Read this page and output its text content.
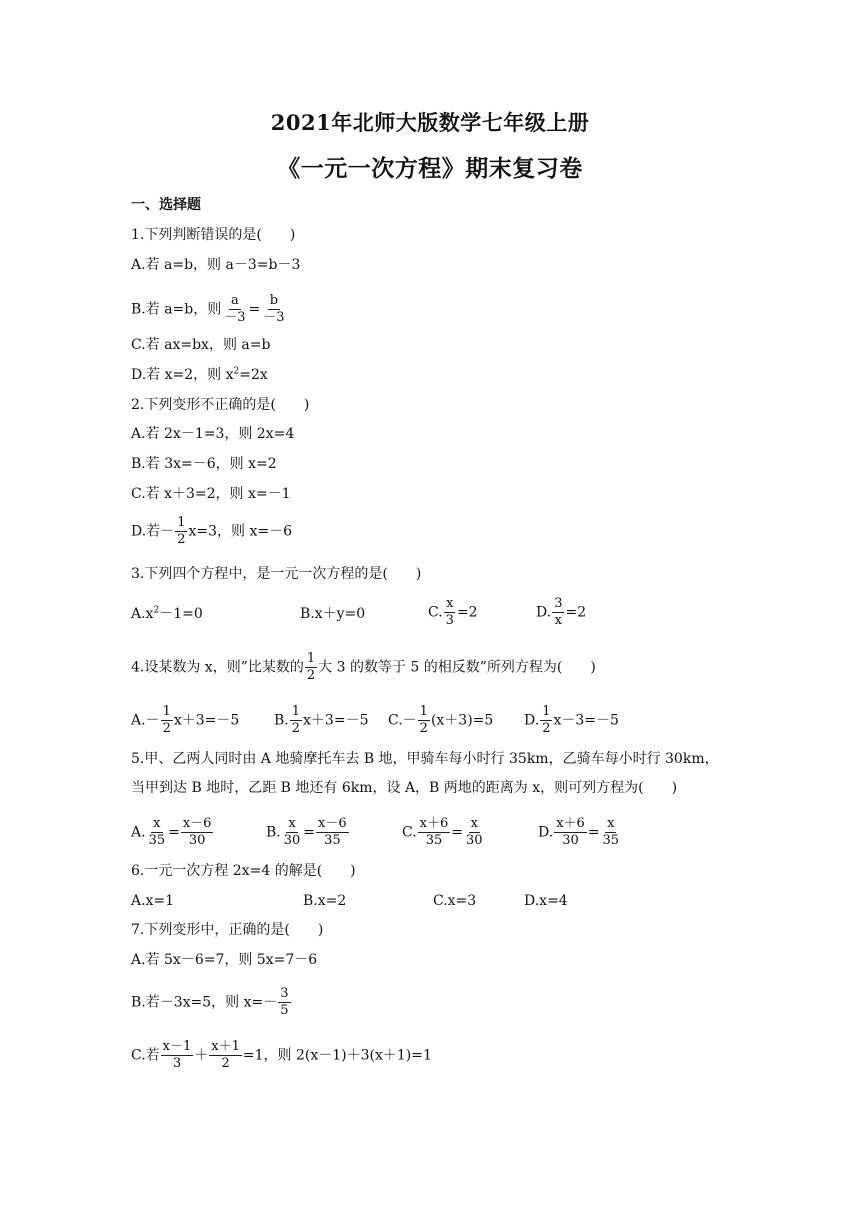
2021年北师大版数学七年级上册
《一元一次方程》期末复习卷
一、选择题
1.下列判断错误的是(　　)
A.若 a=b，则 a－3=b－3
B.若 a=b，则 $\frac{a}{-3} = \frac{b}{-3}$
C.若 ax=bx，则 a=b
D.若 x=2，则 $x^2=2x$
2.下列变形不正确的是(　　)
A.若 2x－1=3，则 2x=4
B.若 3x=－6，则 x=2
C.若 x＋3=2，则 x=－1
D.若－ $\frac{1}{2} x=3$，则 x=－6
3.下列四个方程中，是一元一次方程的是(　　)
$A.x^2-1=0$	B.x＋y=0	C. $\frac{x}{3} =2$	D. $\frac{3}{x} =2$
4.设某数为 x，则”比某数的 $\frac{1}{2}$ 大 3 的数等于 5 的相反数”所列方程为(　　)
$A.- \frac{1}{2} x+3=-5$ B. $\frac{1}{2} x+3=-5$ $C.- \frac{1}{2} (x+3)=5$ D. $\frac{1}{2} x-3=-5$
5.甲、乙两人同时由 A 地骑摩托车去 B 地，甲骑车每小时行 35km，乙骑车每小时行 30km，
当甲到达 B 地时，乙距 B 地还有 6km，设 A，B 两地的距离为 x，则可列方程为(　　)
A. $\frac{x}{35} = \frac{x-6}{30}$	B. $\frac{x}{30} = \frac{x-6}{35}$	C. $\frac{x+6}{35} = \frac{x}{30}$	D. $\frac{x+6}{30} = \frac{x}{35}$
6.一元一次方程 2x=4 的解是(　　)
A.x=1	B.x=2	C.x=3	D.x=4
7.下列变形中，正确的是(　　)
A.若 5x－6=7，则 5x=7－6
B.若－3x=5，则 $x=- \frac{3}{5}$
C.若 $\frac{x-1}{3} + \frac{x+1}{2} =1$，则 2(x－1)＋3(x＋1)=1
